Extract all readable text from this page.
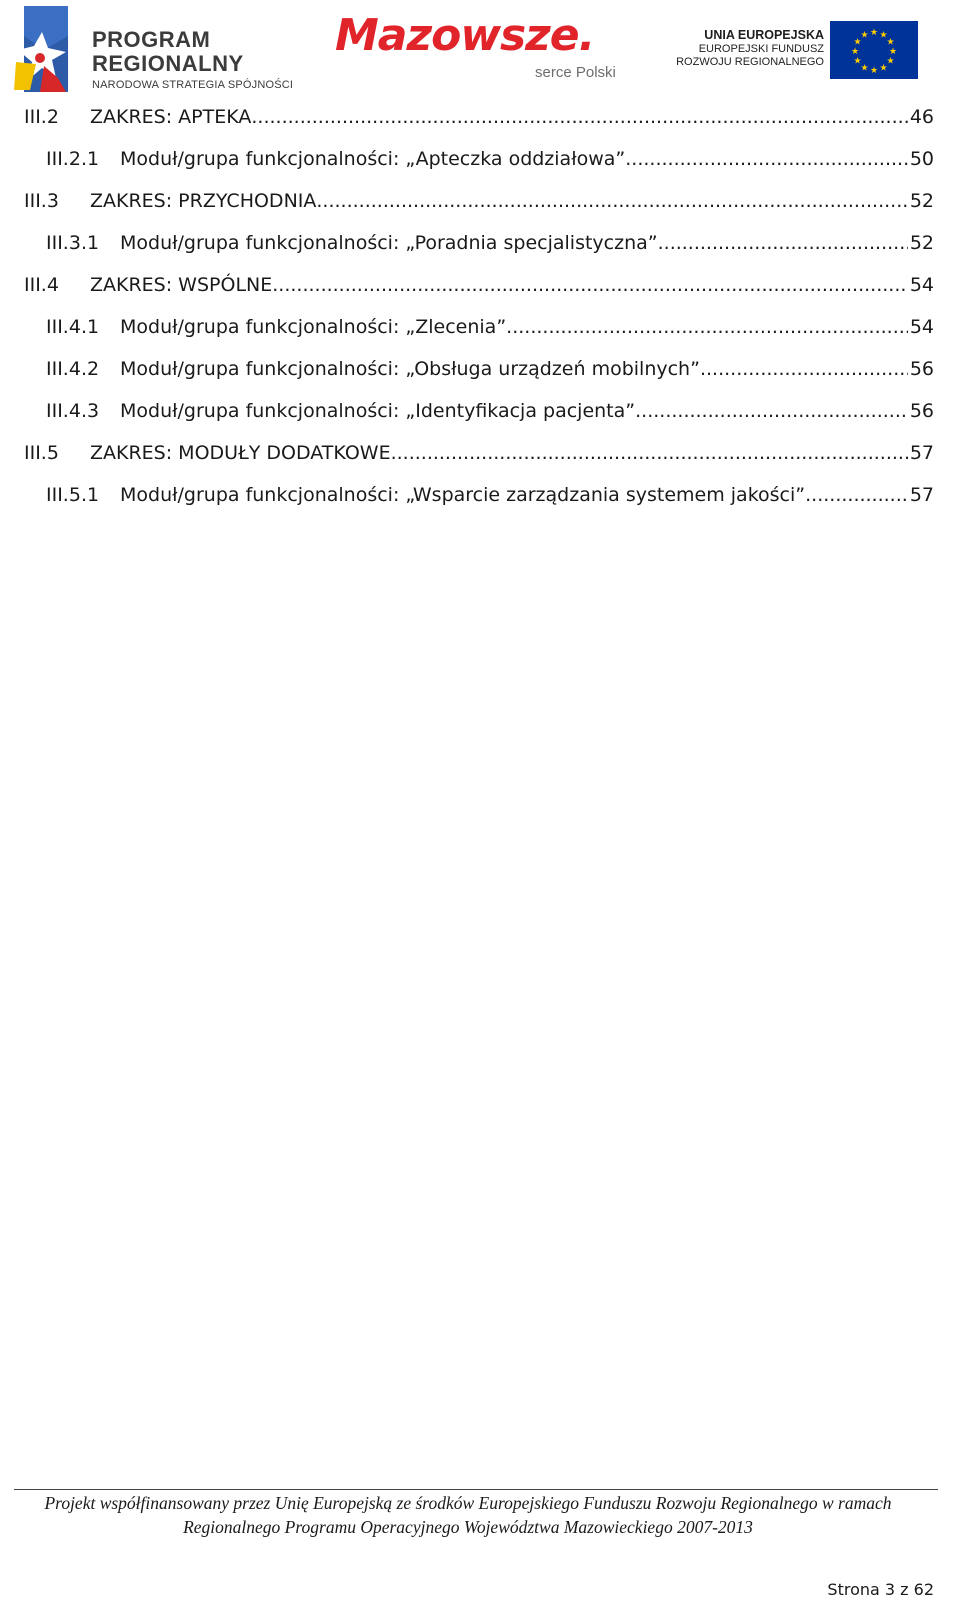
PROGRAM
REGIONALNY
NARODOWA STRATEGIA SPÓJNOŚCI
Mazowsze.
serce Polski
UNIA EUROPEJSKA
EUROPEJSKI FUNDUSZ
ROZWOJU REGIONALNEGO
★ ★
★
★
★
★
★
★
★
★
★
★
III.2	ZAKRES: APTEKA .....	46
III.2.1	Moduł/grupa funkcjonalności: „Apteczka oddziałowa” .....	50
III.3	ZAKRES: PRZYCHODNIA .....	52
III.3.1	Moduł/grupa funkcjonalności: „Poradnia specjalistyczna” .....	52
III.4	ZAKRES: WSPÓLNE .....	54
III.4.1	Moduł/grupa funkcjonalności: „Zlecenia” .....	54
III.4.2	Moduł/grupa funkcjonalności: „Obsługa urządzeń mobilnych” .....	56
III.4.3	Moduł/grupa funkcjonalności: „Identyfikacja pacjenta” .....	56
III.5	ZAKRES: MODUŁY DODATKOWE .....	57
III.5.1	Moduł/grupa funkcjonalności: „Wsparcie zarządzania systemem jakości” .....	57
Projekt współfinansowany przez Unię Europejską ze środków Europejskiego Funduszu Rozwoju Regionalnego w ramach
Regionalnego Programu Operacyjnego Województwa Mazowieckiego 2007-2013
Strona 3 z 62
